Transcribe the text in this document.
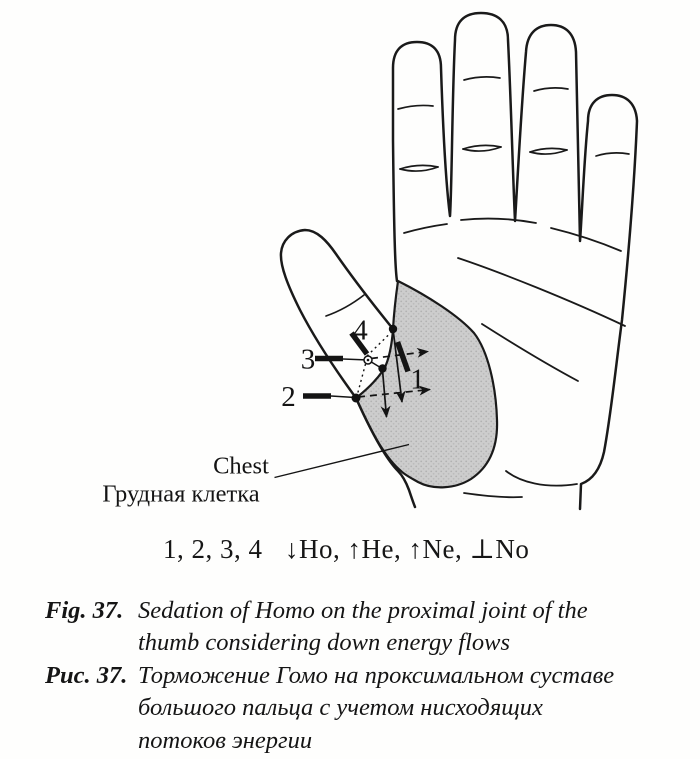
4
3
2
1
Chest
Грудная клетка
1, 2, 3, 4 ↓Ho, ↑He, ↑Ne, ⊥No
Fig. 37. Sedation of Homo on the proximal joint of the
thumb considering down energy flows
Рис. 37. Торможение Гомо на проксимальном суставе
большого пальца с учетом нисходящих
потоков энергии
